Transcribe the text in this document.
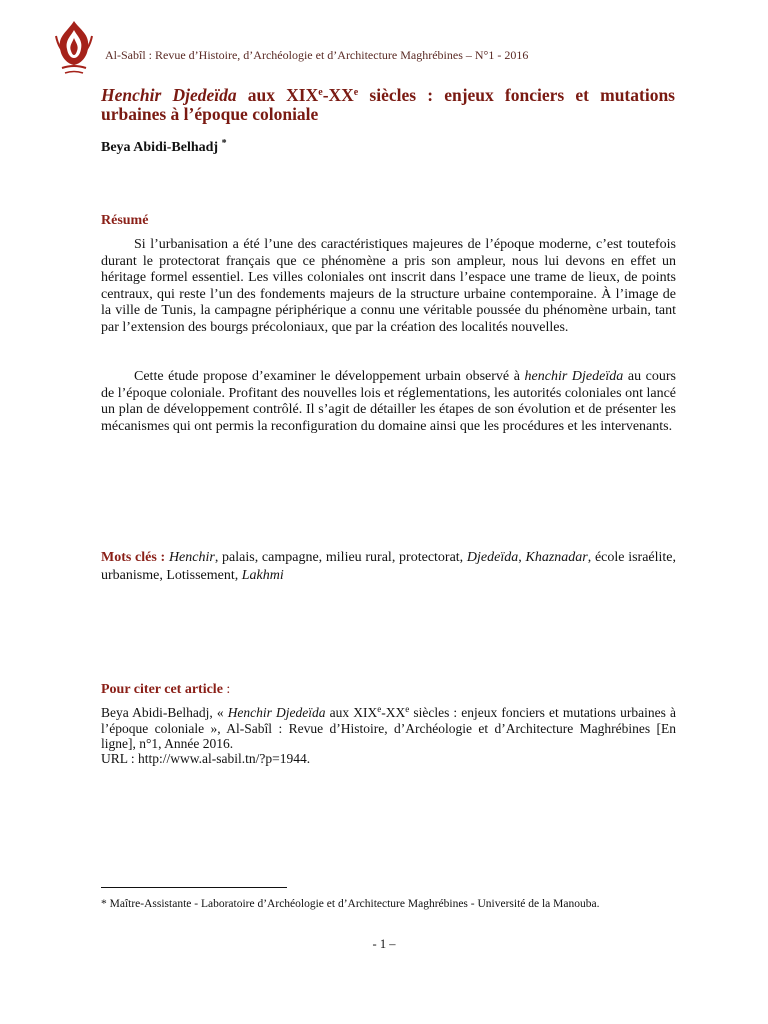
Al-Sabîl : Revue d’Histoire, d’Archéologie et d’Architecture Maghrébines – N°1 - 2016
Henchir Djedeïda aux XIXe-XXe siècles : enjeux fonciers et mutations urbaines à l’époque coloniale

Beya Abidi-Belhadj *

Résumé

Si l’urbanisation a été l’une des caractéristiques majeures de l’époque moderne, c’est toutefois durant le protectorat français que ce phénomène a pris son ampleur, nous lui devons en effet un héritage formel essentiel. Les villes coloniales ont inscrit dans l’espace une trame de lieux, de points centraux, qui reste l’un des fondements majeurs de la structure urbaine contemporaine. À l’image de la ville de Tunis, la campagne périphérique a connu une véritable poussée du phénomène urbain, tant par l’extension des bourgs précoloniaux, que par la création des localités nouvelles.

Cette étude propose d’examiner le développement urbain observé à henchir Djedeïda au cours de l’époque coloniale. Profitant des nouvelles lois et réglementations, les autorités coloniales ont lancé un plan de développement contrôlé. Il s’agit de détailler les étapes de son évolution et de présenter les mécanismes qui ont permis la reconfiguration du domaine ainsi que les procédures et les intervenants.

Mots clés : Henchir, palais, campagne, milieu rural, protectorat, Djedeïda, Khaznadar, école israélite, urbanisme, Lotissement, Lakhmi

Pour citer cet article :

Beya Abidi-Belhadj, « Henchir Djedeïda aux XIXe-XXe siècles : enjeux fonciers et mutations urbaines à l’époque coloniale », Al-Sabîl : Revue d’Histoire, d’Archéologie et d’Architecture Maghrébines [En ligne], n°1, Année 2016.

URL : http://www.al-sabil.tn/?p=1944.

* Maître-Assistante - Laboratoire d’Archéologie et d’Architecture Maghrébines - Université de la Manouba.

- 1 –
